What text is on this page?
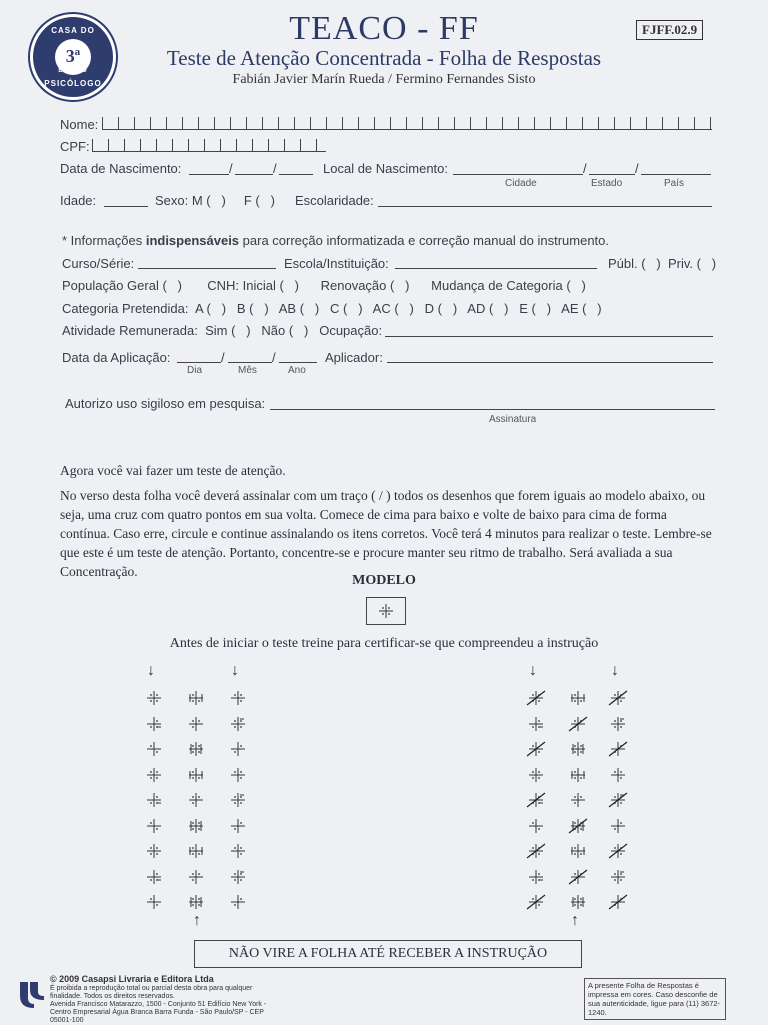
CASA DO
3ª
EDIÇÃO
PSICÓLOGO
TEACO - FF
Teste de Atenção Concentrada - Folha de Respostas
Fabián Javier Marín Rueda / Fermino Fernandes Sisto
FJFF.02.9
Nome:
CPF:
Data de Nascimento:	/	/	Local de Nascimento:	/	/
Cidade	Estado	País
Idade:	Sexo: M (   )     F (   ) Escolaridade:
* Informações indispensáveis para correção informatizada e correção manual do instrumento.
Curso/Série:	Escola/Instituição:	Públ. (   )  Priv. (   )
População Geral (   )       CNH: Inicial (   )      Renovação (   )      Mudança de Categoria (   )
Categoria Pretendida:  A (   )   B (   )   AB (   )   C (   )   AC (   )   D (   )   AD (   )   E (   )   AE (   )
Atividade Remunerada:  Sim (   )   Não (   )   Ocupação:
Data da Aplicação:	/	/
Dia	Mês	Ano
Aplicador:
Autorizo uso sigiloso em pesquisa:
Assinatura
Agora você vai fazer um teste de atenção.
No verso desta folha você deverá assinalar com um traço ( / ) todos os desenhos que forem iguais ao modelo abaixo, ou seja, uma cruz com quatro pontos em sua volta. Comece de cima para baixo e volte de baixo para cima de forma contínua. Caso erre, circule e continue assinalando os itens corretos. Você terá 4 minutos para realizar o teste. Lembre-se que este é um teste de atenção. Portanto, concentre-se e procure manter seu ritmo de trabalho. Será avaliada a sua Concentração.
MODELO
Antes de iniciar o teste treine para certificar-se que compreendeu a instrução
↓	↓
↑
↓	↓
↑
NÃO VIRE A FOLHA ATÉ RECEBER A INSTRUÇÃO
© 2009 Casapsi Livraria e Editora Ltda
É proibida a reprodução total ou parcial desta obra para qualquer finalidade. Todos os direitos reservados.
Avenida Francisco Matarazzo, 1500 - Conjunto 51 Edifício New York - Centro Empresarial Água Branca Barra Funda - São Paulo/SP - CEP 05001-100
A presente Folha de Respostas é impressa em cores. Caso desconfie de sua autenticidade, ligue para (11) 3672-1240.
